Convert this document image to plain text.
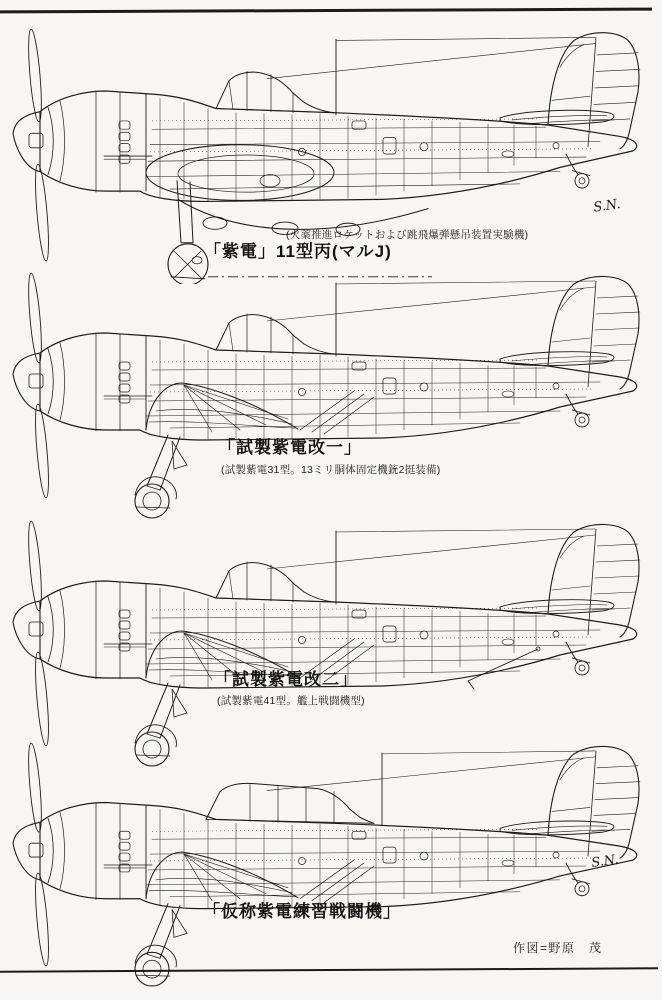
S.N.
S.N.
(火薬推進ロケットおよび跳飛爆弾懸吊装置実験機)
「紫電」11型丙(マルJ)
「試製紫電改一」
(試製紫電31型。13ミリ胴体固定機銃2挺装備)
「試製紫電改二」
(試製紫電41型。艦上戦闘機型)
「仮称紫電練習戦闘機」
作図=野原　茂
